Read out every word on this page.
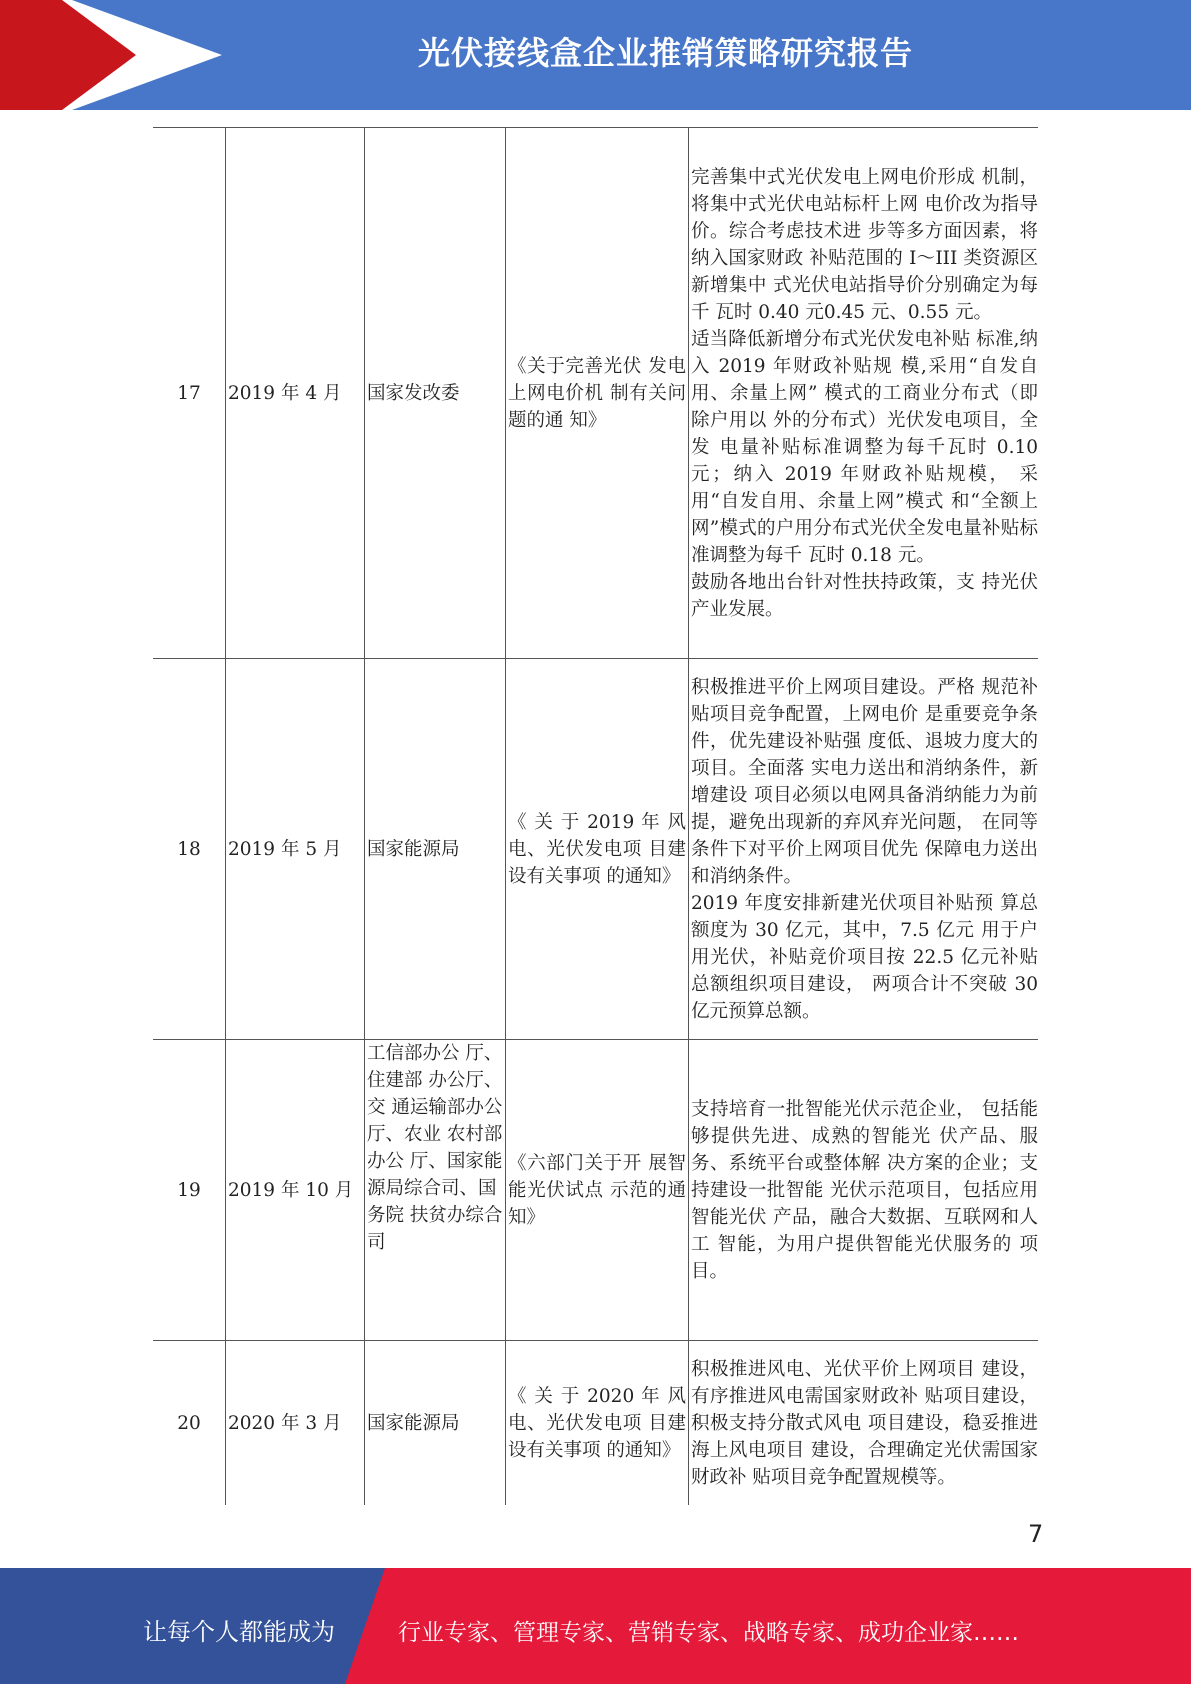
光伏接线盒企业推销策略研究报告
17	2019 年 4 月	国家发改委	《关于完善光伏 发电上网电价机 制有关问题的通 知》	完善集中式光伏发电上网电价形成 机制，将集中式光伏电站标杆上网 电价改为指导价。综合考虑技术进 步等多方面因素，将纳入国家财政 补贴范围的 I〜III 类资源区新增集中 式光伏电站指导价分别确定为每千 瓦时 0.40 元0.45 元、0.55 元。
适当降低新增分布式光伏发电补贴 标准,纳入 2019 年财政补贴规 模,采用“自发自用、余量上网” 模式的工商业分布式（即除户用以 外的分布式）光伏发电项目，全发 电量补贴标准调整为每千瓦时 0.10 元；纳入 2019 年财政补贴规模， 采用“自发自用、余量上网”模式 和“全额上网”模式的户用分布式光伏全发电量补贴标准调整为每千 瓦时 0.18 元。
鼓励各地出台针对性扶持政策，支 持光伏产业发展。

18	2019 年 5 月	国家能源局	《 关 于 2019 年 风电、光伏发电项 目建设有关事项 的通知》	积极推进平价上网项目建设。严格 规范补贴项目竞争配置，上网电价 是重要竞争条件，优先建设补贴强 度低、退坡力度大的项目。全面落 实电力送出和消纳条件，新增建设 项目必须以电网具备消纳能力为前 提，避免出现新的弃风弃光问题， 在同等条件下对平价上网项目优先 保障电力送出和消纳条件。
2019 年度安排新建光伏项目补贴预 算总额度为 30 亿元，其中，7.5 亿元 用于户用光伏，补贴竞价项目按 22.5 亿元补贴总额组织项目建设， 两项合计不突破 30 亿元预算总额。

19	2019 年 10 月	工信部办公 厅、住建部 办公厅、交 通运输部办公厅、农业 农村部办公 厅、国家能 源局综合司、国务院 扶贫办综合 司	《六部门关于开 展智能光伏试点 示范的通知》	支持培育一批智能光伏示范企业， 包括能够提供先进、成熟的智能光 伏产品、服务、系统平台或整体解 决方案的企业；支持建设一批智能 光伏示范项目，包括应用智能光伏 产品，融合大数据、互联网和人工 智能，为用户提供智能光伏服务的 项目。

20	2020 年 3 月	国家能源局	《 关 于 2020 年 风电、光伏发电项 目建设有关事项 的通知》	积极推进风电、光伏平价上网项目 建设，有序推进风电需国家财政补 贴项目建设，积极支持分散式风电 项目建设，稳妥推进海上风电项目 建设，合理确定光伏需国家财政补 贴项目竞争配置规模等。
7
让每个人都能成为	行业专家、管理专家、营销专家、战略专家、成功企业家……
